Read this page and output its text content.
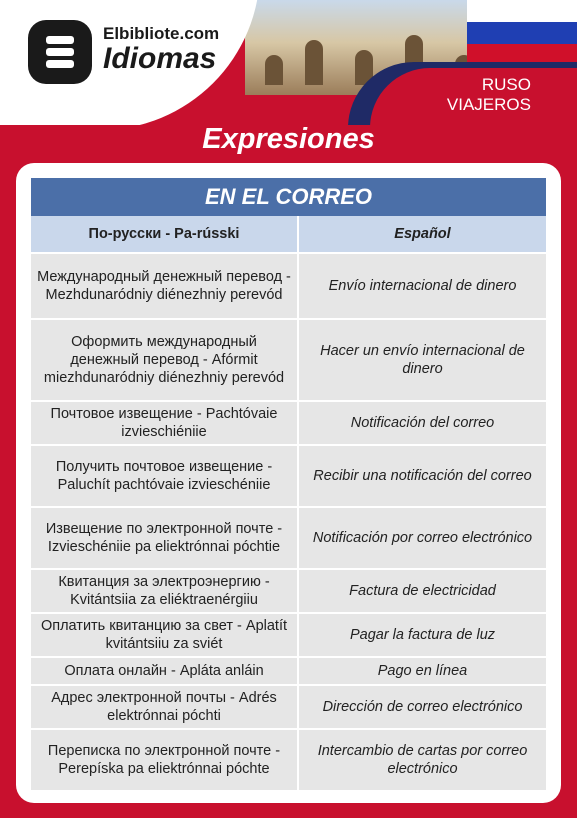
Elbibliote.com
Idiomas
RUSO
VIAJEROS
Expresiones
EN EL CORREO	
По-русски - Pa-rússki	Español
Международный денежный перевод - Mezhdunaródniy diénezhniy perevód	Envío internacional de dinero
Оформить международный денежный перевод - Afórmit miezhdunaródniy diénezhniy perevód	Hacer un envío internacional de dinero
Почтовое извещение - Pachtóvaie izvieschiéniie	Notificación del correo
Получить почтовое извещение - Paluchít pachtóvaie izvieschéniie	Recibir una notificación del correo
Извещение по электронной почте - Izvieschéniie pa eliektrónnai póchtie	Notificación por correo electrónico
Квитанция за электроэнергию - Kvitántsiia za eliéktraenérgiiu	Factura de electricidad
Оплатить квитанцию за свет - Aplatít kvitántsiiu za sviét	Pagar la factura de luz
Оплата онлайн - Apláta anláin	Pago en línea
Адрес электронной почты - Adrés elektrónnai póchti	Dirección de correo electrónico
Переписка по электронной почте - Perepíska pa eliektrónnai póchte	Intercambio de cartas por correo electrónico
